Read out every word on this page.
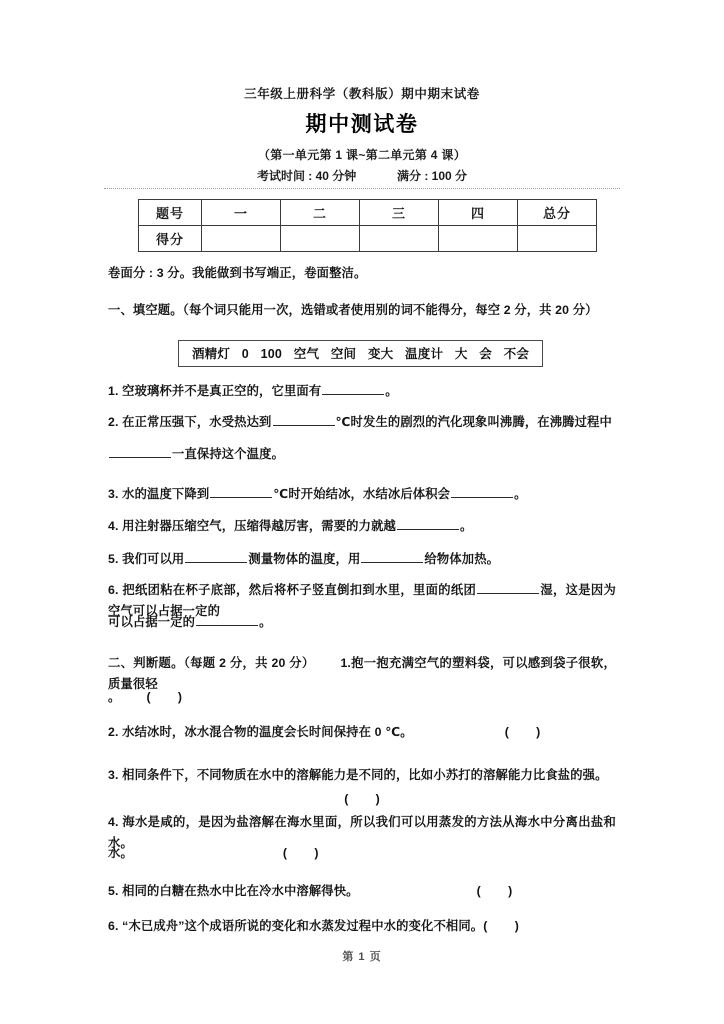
三年级上册科学（教科版）期中期末试卷
期中测试卷
（第一单元第 1 课~第二单元第 4 课）
考试时间 : 40 分钟	满分 : 100 分
题号	一	二	三	四	总分
得分					
卷面分 : 3 分。我能做到书写端正，卷面整洁。
一、填空题。（每个词只能用一次，选错或者使用别的词不能得分，每空 2 分，共 20 分）
酒精灯 0 100 空气 空间 变大 温度计 大 会 不会
1. 空玻璃杯并不是真正空的，它里面有	。
2. 在正常压强下，水受热达到	℃时发生的剧烈的汽化现象叫沸腾，在沸腾过程中
一直保持这个温度。
3. 水的温度下降到	℃时开始结冰，水结冰后体积会	。
4. 用注射器压缩空气，压缩得越厉害，需要的力就越	。
5. 我们可以用	测量物体的温度，用	给物体加热。
6. 把纸团粘在杯子底部，然后将杯子竖直倒扣到水里，里面的纸团	湿，这是因为空气可以占据一定的
可以占据一定的	。
二、判断题。（每题 2 分，共 20 分） 1.抱一抱充满空气的塑料袋，可以感到袋子很软，质量很轻
。 (        )
2. 水结冰时，冰水混合物的温度会长时间保持在 0 ℃。	(        )
3. 相同条件下，不同物质在水中的溶解能力是不同的，比如小苏打的溶解能力比食盐的强。
(        )
4. 海水是咸的，是因为盐溶解在海水里面，所以我们可以用蒸发的方法从海水中分离出盐和水。
水。	(        )
5. 相同的白糖在热水中比在冷水中溶解得快。	(        )
6. “木已成舟”这个成语所说的变化和水蒸发过程中水的变化不相同。(        )
第 1 页
